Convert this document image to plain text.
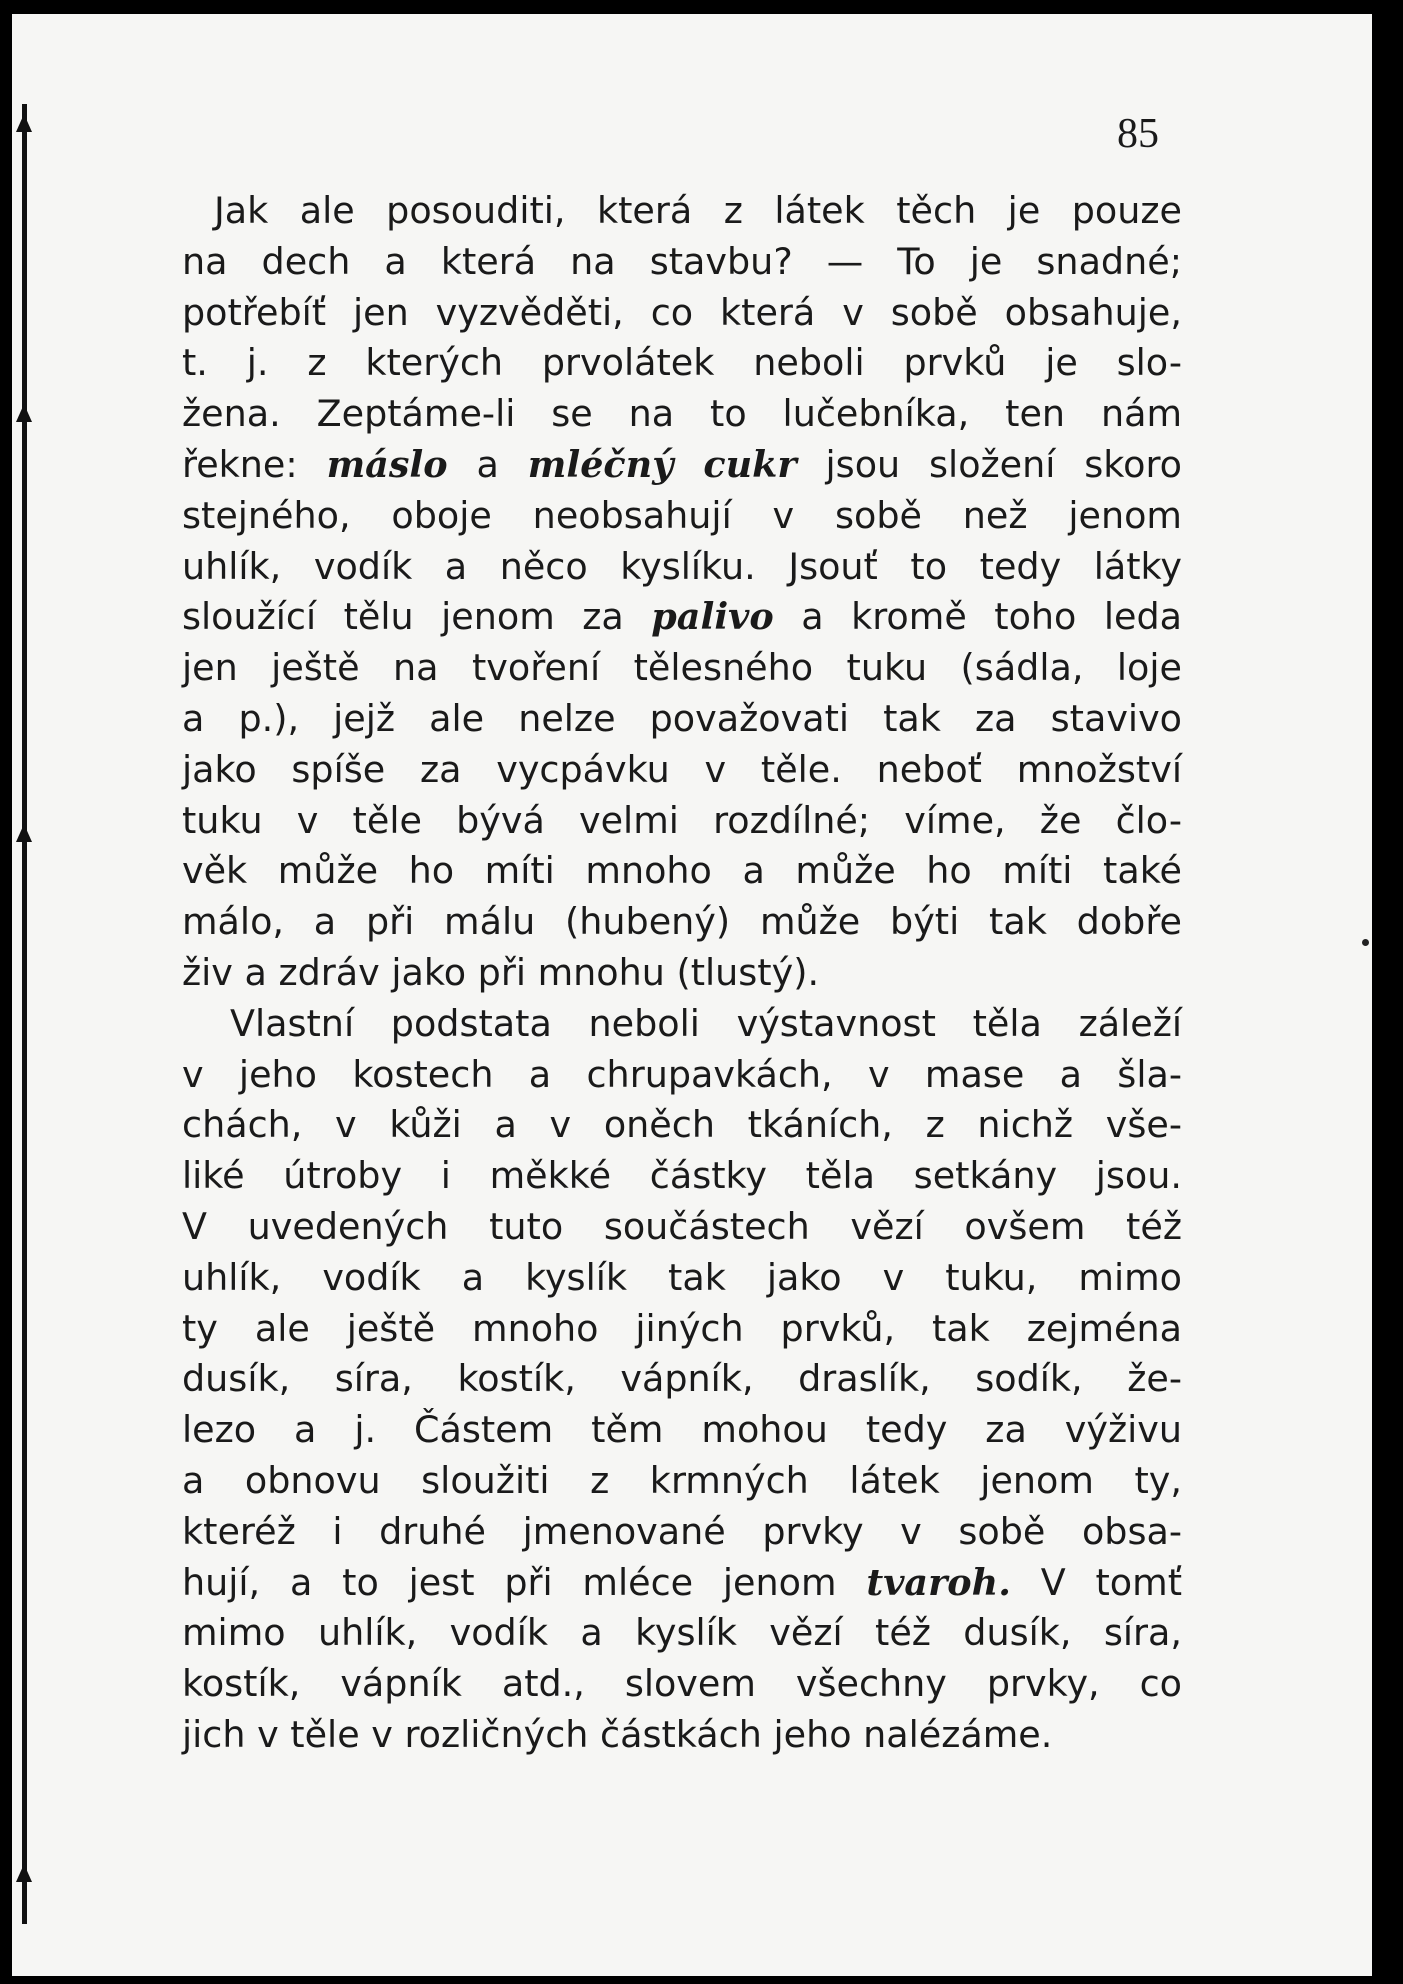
85
Jak ale posouditi, která z látek těch je pouze
na dech a která na stavbu? — To je snadné;
potřebíť jen vyzvěděti, co která v sobě obsahuje,
t. j. z kterých prvolátek neboli prvků je slo-
žena. Zeptáme-li se na to lučebníka, ten nám
řekne: máslo a mléčný cukr jsou složení skoro
stejného, oboje neobsahují v sobě než jenom
uhlík, vodík a něco kyslíku. Jsouť to tedy látky
sloužící tělu jenom za palivo a kromě toho leda
jen ještě na tvoření tělesného tuku (sádla, loje
a p.), jejž ale nelze považovati tak za stavivo
jako spíše za vycpávku v těle. neboť množství
tuku v těle bývá velmi rozdílné; víme, že člo-
věk může ho míti mnoho a může ho míti také
málo, a při málu (hubený) může býti tak dobře
živ a zdráv jako při mnohu (tlustý).
Vlastní podstata neboli výstavnost těla záleží
v jeho kostech a chrupavkách, v mase a šla-
chách, v kůži a v oněch tkáních, z nichž vše-
liké útroby i měkké částky těla setkány jsou.
V uvedených tuto součástech vězí ovšem též
uhlík, vodík a kyslík tak jako v tuku, mimo
ty ale ještě mnoho jiných prvků, tak zejména
dusík, síra, kostík, vápník, draslík, sodík, že-
lezo a j. Částem těm mohou tedy za výživu
a obnovu sloužiti z krmných látek jenom ty,
kteréž i druhé jmenované prvky v sobě obsa-
hují, a to jest při mléce jenom tvaroh. V tomť
mimo uhlík, vodík a kyslík vězí též dusík, síra,
kostík, vápník atd., slovem všechny prvky, co
jich v těle v rozličných částkách jeho nalézáme.
